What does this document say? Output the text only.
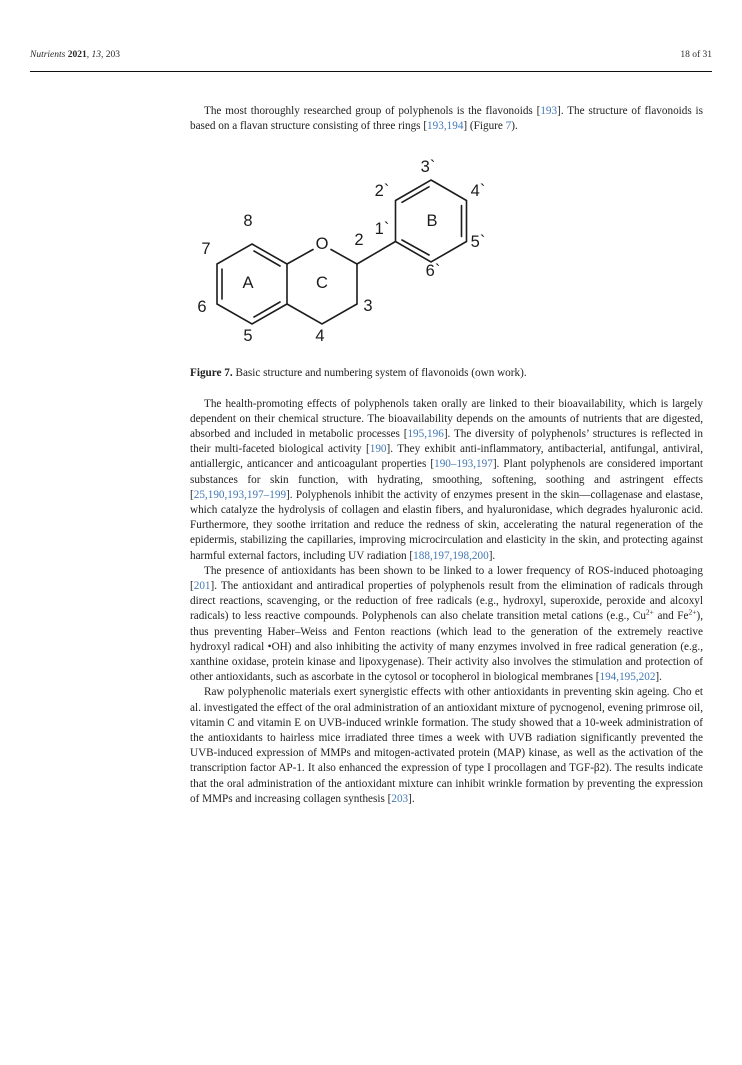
Nutrients 2021, 13, 203	18 of 31

The most thoroughly researched group of polyphenols is the flavonoids [193]. The structure of flavonoids is based on a flavan structure consisting of three rings [193,194] (Figure 7).

8
7
6
5	4
3
2
O
A	C
B
1`
2`
3`
4`
5`
6`
Figure 7. Basic structure and numbering system of flavonoids (own work).

The health-promoting effects of polyphenols taken orally are linked to their bioavailability, which is largely dependent on their chemical structure. The bioavailability depends on the amounts of nutrients that are digested, absorbed and included in metabolic processes [195,196]. The diversity of polyphenols’ structures is reflected in their multi-faceted biological activity [190]. They exhibit anti-inflammatory, antibacterial, antifungal, antiviral, antiallergic, anticancer and anticoagulant properties [190–193,197]. Plant polyphenols are considered important substances for skin function, with hydrating, smoothing, softening, soothing and astringent effects [25,190,193,197–199]. Polyphenols inhibit the activity of enzymes present in the skin—collagenase and elastase, which catalyze the hydrolysis of collagen and elastin fibers, and hyaluronidase, which degrades hyaluronic acid. Furthermore, they soothe irritation and reduce the redness of skin, accelerating the natural regeneration of the epidermis, stabilizing the capillaries, improving microcirculation and elasticity in the skin, and protecting against harmful external factors, including UV radiation [188,197,198,200].

The presence of antioxidants has been shown to be linked to a lower frequency of ROS-induced photoaging [201]. The antioxidant and antiradical properties of polyphenols result from the elimination of radicals through direct reactions, scavenging, or the reduction of free radicals (e.g., hydroxyl, superoxide, peroxide and alcoxyl radicals) to less reactive compounds. Polyphenols can also chelate transition metal cations (e.g., $Cu^{2+}$ and $Fe^{2+}$), thus preventing Haber–Weiss and Fenton reactions (which lead to the generation of the extremely reactive hydroxyl radical •OH) and also inhibiting the activity of many enzymes involved in free radical generation (e.g., xanthine oxidase, protein kinase and lipoxygenase). Their activity also involves the stimulation and protection of other antioxidants, such as ascorbate in the cytosol or tocopherol in biological membranes [194,195,202].

Raw polyphenolic materials exert synergistic effects with other antioxidants in preventing skin ageing. Cho et al. investigated the effect of the oral administration of an antioxidant mixture of pycnogenol, evening primrose oil, vitamin C and vitamin E on UVB-induced wrinkle formation. The study showed that a 10-week administration of the antioxidants to hairless mice irradiated three times a week with UVB radiation significantly prevented the UVB-induced expression of MMPs and mitogen-activated protein (MAP) kinase, as well as the activation of the transcription factor AP-1. It also enhanced the expression of type I procollagen and TGF-β2). The results indicate that the oral administration of the antioxidant mixture can inhibit wrinkle formation by preventing the expression of MMPs and increasing collagen synthesis [203].
